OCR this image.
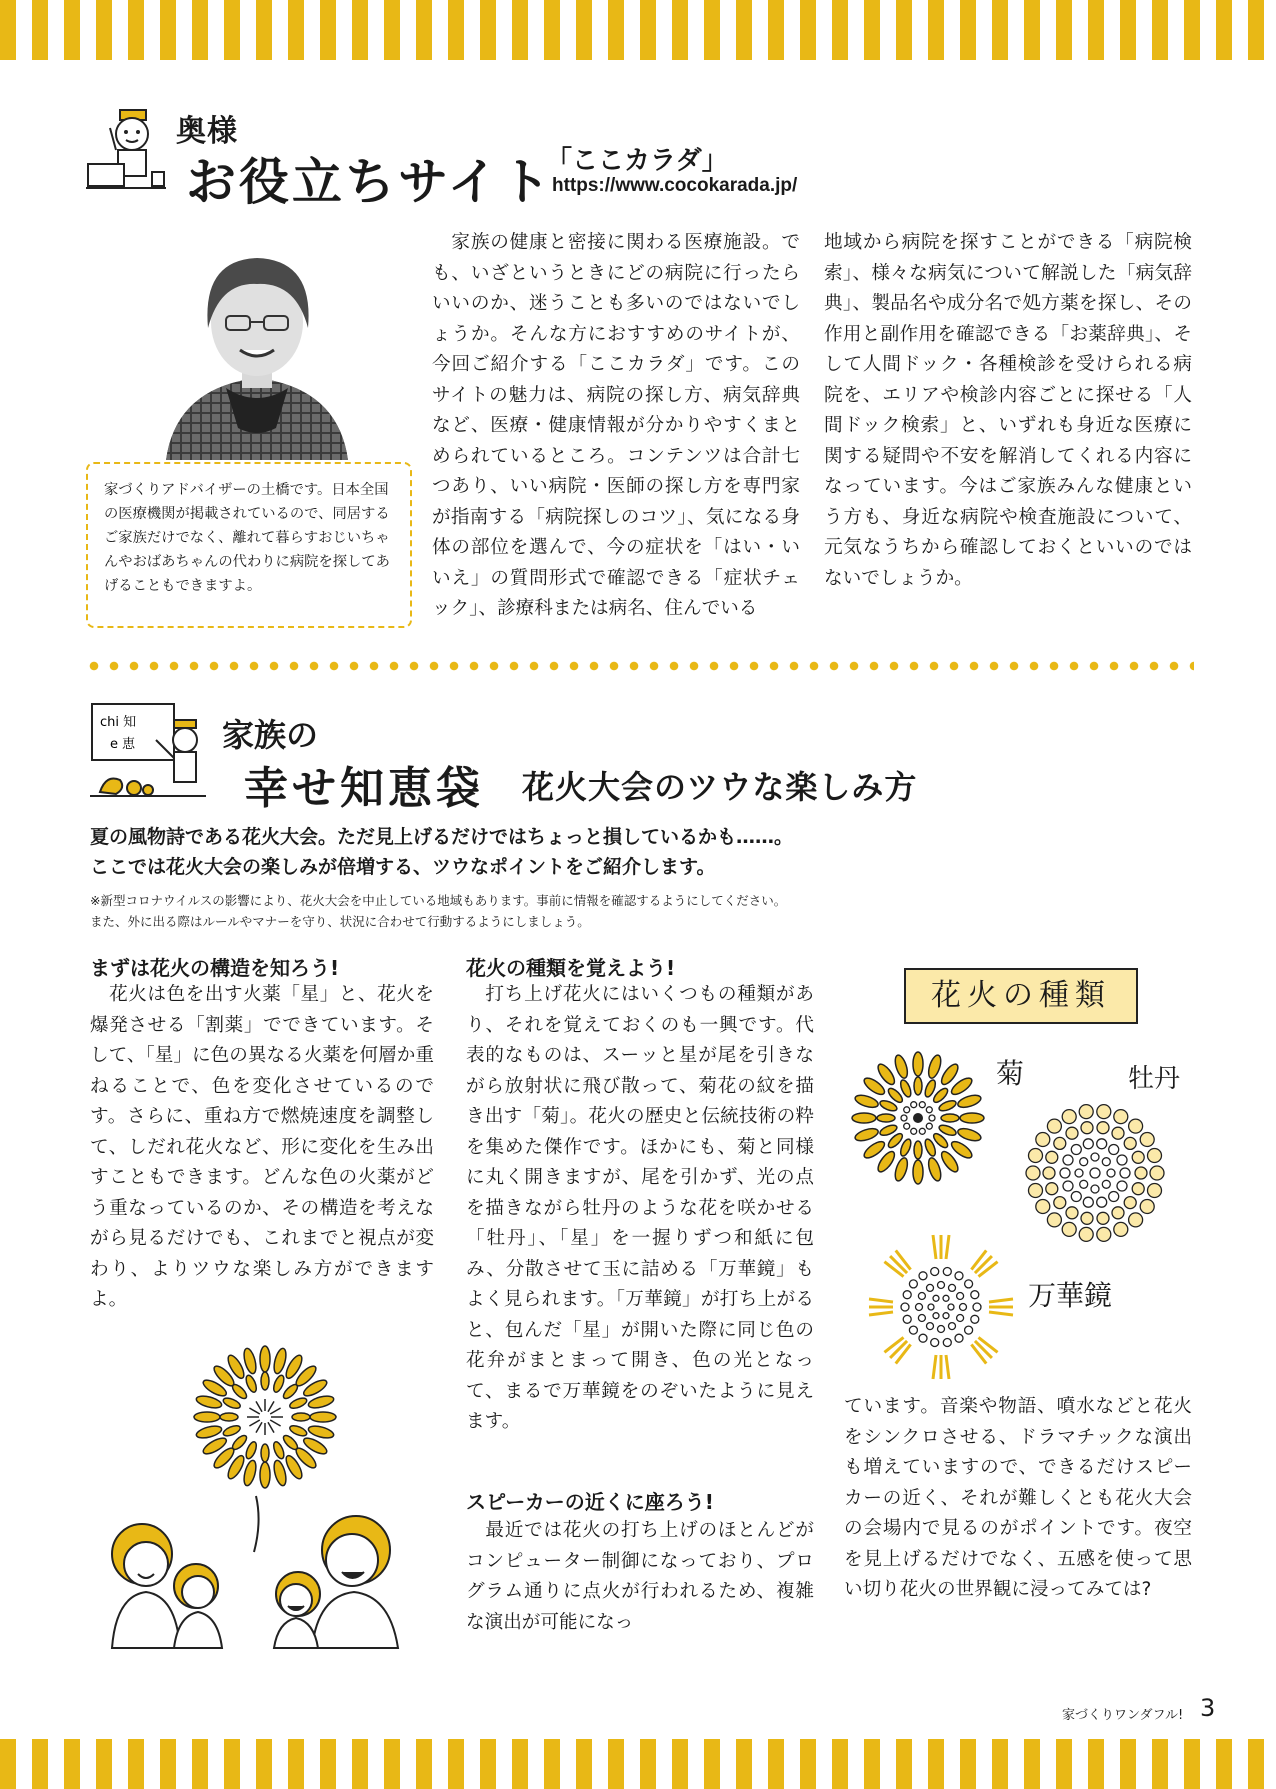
奥様
お役立ちサイト
「ここカラダ」
https://www.cocokarada.jp/
家づくりアドバイザーの土橋です。日本全国の医療機関が掲載されているので、同居するご家族だけでなく、離れて暮らすおじいちゃんやおばあちゃんの代わりに病院を探してあげることもできますよ。
　家族の健康と密接に関わる医療施設。でも、いざというときにどの病院に行ったらいいのか、迷うことも多いのではないでしょうか。そんな方におすすめのサイトが、今回ご紹介する「ここカラダ」です。このサイトの魅力は、病院の探し方、病気辞典など、医療・健康情報が分かりやすくまとめられているところ。コンテンツは合計七つあり、いい病院・医師の探し方を専門家が指南する「病院探しのコツ」、気になる身体の部位を選んで、今の症状を「はい・いいえ」の質問形式で確認できる「症状チェック」、診療科または病名、住んでいる
地域から病院を探すことができる「病院検索」、様々な病気について解説した「病気辞典」、製品名や成分名で処方薬を探し、その作用と副作用を確認できる「お薬辞典」、そして人間ドック・各種検診を受けられる病院を、エリアや検診内容ごとに探せる「人間ドック検索」と、いずれも身近な医療に関する疑問や不安を解消してくれる内容になっています。今はご家族みんな健康という方も、身近な病院や検査施設について、元気なうちから確認しておくといいのではないでしょうか。
chi 知
e 恵	家族の
幸せ知恵袋 花火大会のツウな楽しみ方
夏の風物詩である花火大会。ただ見上げるだけではちょっと損しているかも……。
ここでは花火大会の楽しみが倍増する、ツウなポイントをご紹介します。
※新型コロナウイルスの影響により、花火大会を中止している地域もあります。事前に情報を確認するようにしてください。
また、外に出る際はルールやマナーを守り、状況に合わせて行動するようにしましょう。
まずは花火の構造を知ろう!
　花火は色を出す火薬「星」と、花火を爆発させる「割薬」でできています。そして、「星」に色の異なる火薬を何層か重ねることで、色を変化させているのです。さらに、重ね方で燃焼速度を調整して、しだれ花火など、形に変化を生み出すこともできます。どんな色の火薬がどう重なっているのか、その構造を考えながら見るだけでも、これまでと視点が変わり、よりツウな楽しみ方ができますよ。
花火の種類を覚えよう!
　打ち上げ花火にはいくつもの種類があり、それを覚えておくのも一興です。代表的なものは、スーッと星が尾を引きながら放射状に飛び散って、菊花の紋を描き出す「菊」。花火の歴史と伝統技術の粋を集めた傑作です。ほかにも、菊と同様に丸く開きますが、尾を引かず、光の点を描きながら牡丹のような花を咲かせる「牡丹」、「星」を一握りずつ和紙に包み、分散させて玉に詰める「万華鏡」もよく見られます。「万華鏡」が打ち上がると、包んだ「星」が開いた際に同じ色の花弁がまとまって開き、色の光となって、まるで万華鏡をのぞいたように見えます。
スピーカーの近くに座ろう!
　最近では花火の打ち上げのほとんどがコンピューター制御になっており、プログラム通りに点火が行われるため、複雑な演出が可能になっ
ています。音楽や物語、噴水などと花火をシンクロさせる、ドラマチックな演出も増えていますので、できるだけスピーカーの近く、それが難しくとも花火大会の会場内で見るのがポイントです。夜空を見上げるだけでなく、五感を使って思い切り花火の世界観に浸ってみては?
花火の種類
菊	牡丹
万華鏡
家づくりワンダフル! 3
